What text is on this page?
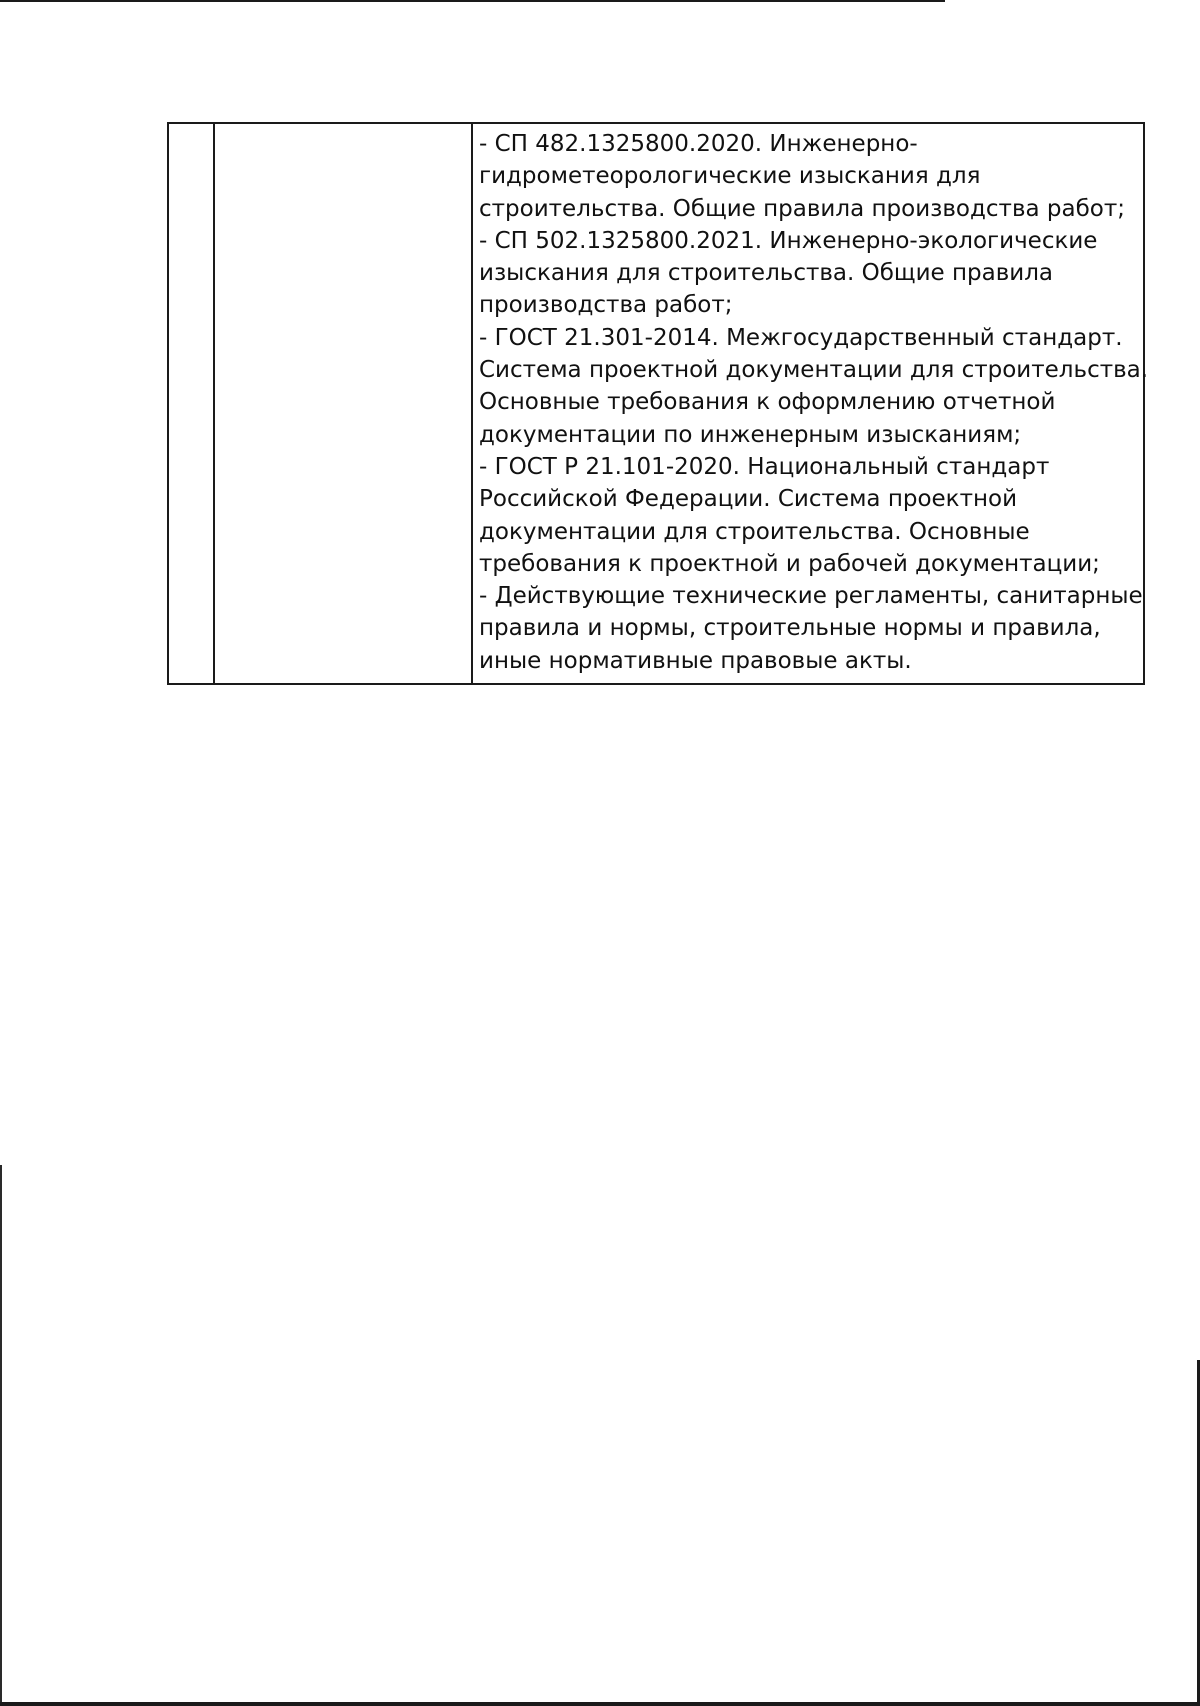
- СП 482.1325800.2020. Инженерно-
гидрометеорологические изыскания для
строительства. Общие правила производства работ;
- СП 502.1325800.2021. Инженерно-экологические
изыскания для строительства. Общие правила
производства работ;
- ГОСТ 21.301-2014. Межгосударственный стандарт.
Система проектной документации для строительства.
Основные требования к оформлению отчетной
документации по инженерным изысканиям;
- ГОСТ Р 21.101-2020. Национальный стандарт
Российской Федерации. Система проектной
документации для строительства. Основные
требования к проектной и рабочей документации;
- Действующие технические регламенты, санитарные
правила и нормы, строительные нормы и правила,
иные нормативные правовые акты.
